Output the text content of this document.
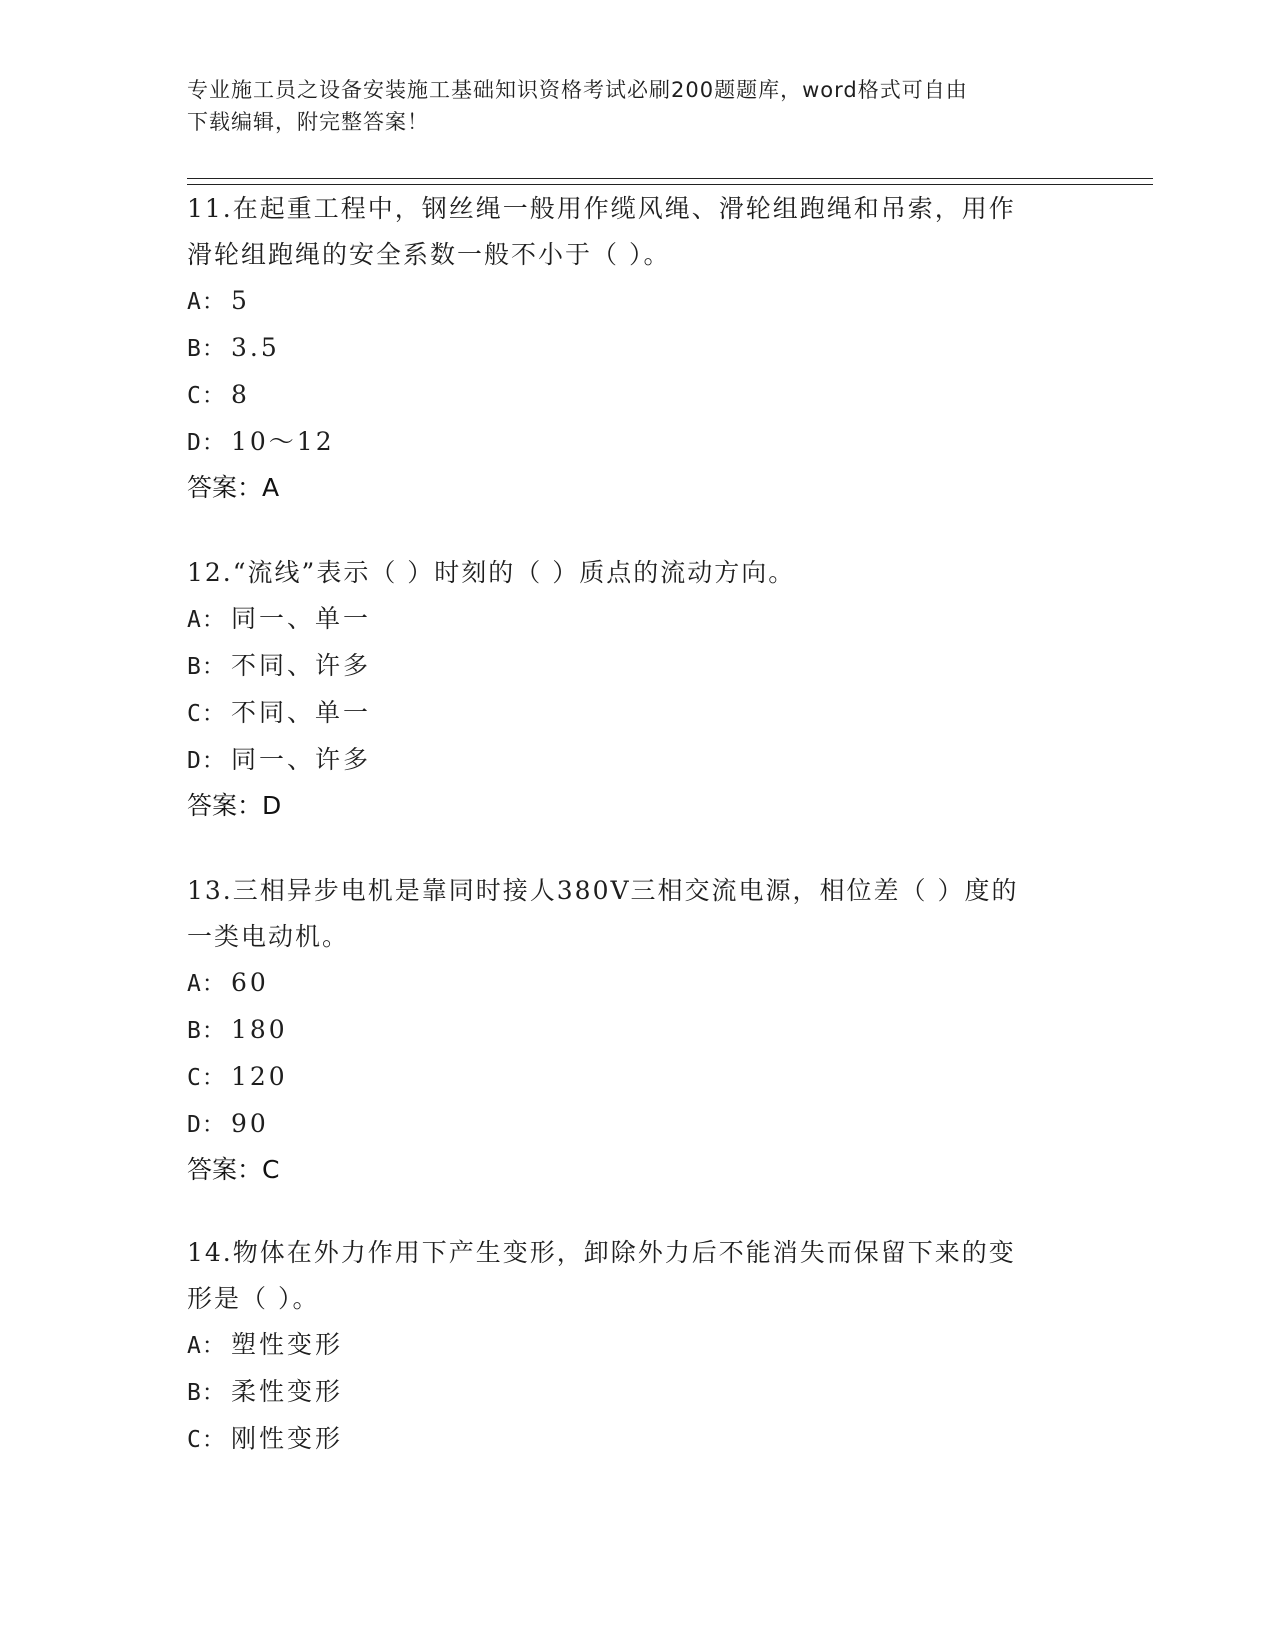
专业施工员之设备安装施工基础知识资格考试必刷200题题库，word格式可自由
下载编辑，附完整答案！
11.在起重工程中，钢丝绳一般用作缆风绳、滑轮组跑绳和吊索，用作
滑轮组跑绳的安全系数一般不小于（ ）。
A： 5
B： 3.5
C： 8
D： 10～12
答案：A
12.“流线”表示（ ）时刻的（ ）质点的流动方向。
A： 同一、单一
B： 不同、许多
C： 不同、单一
D： 同一、许多
答案：D
13.三相异步电机是靠同时接人380V三相交流电源，相位差（ ）度的
一类电动机。
A： 60
B： 180
C： 120
D： 90
答案：C
14.物体在外力作用下产生变形，卸除外力后不能消失而保留下来的变
形是（ ）。
A： 塑性变形
B： 柔性变形
C： 刚性变形
